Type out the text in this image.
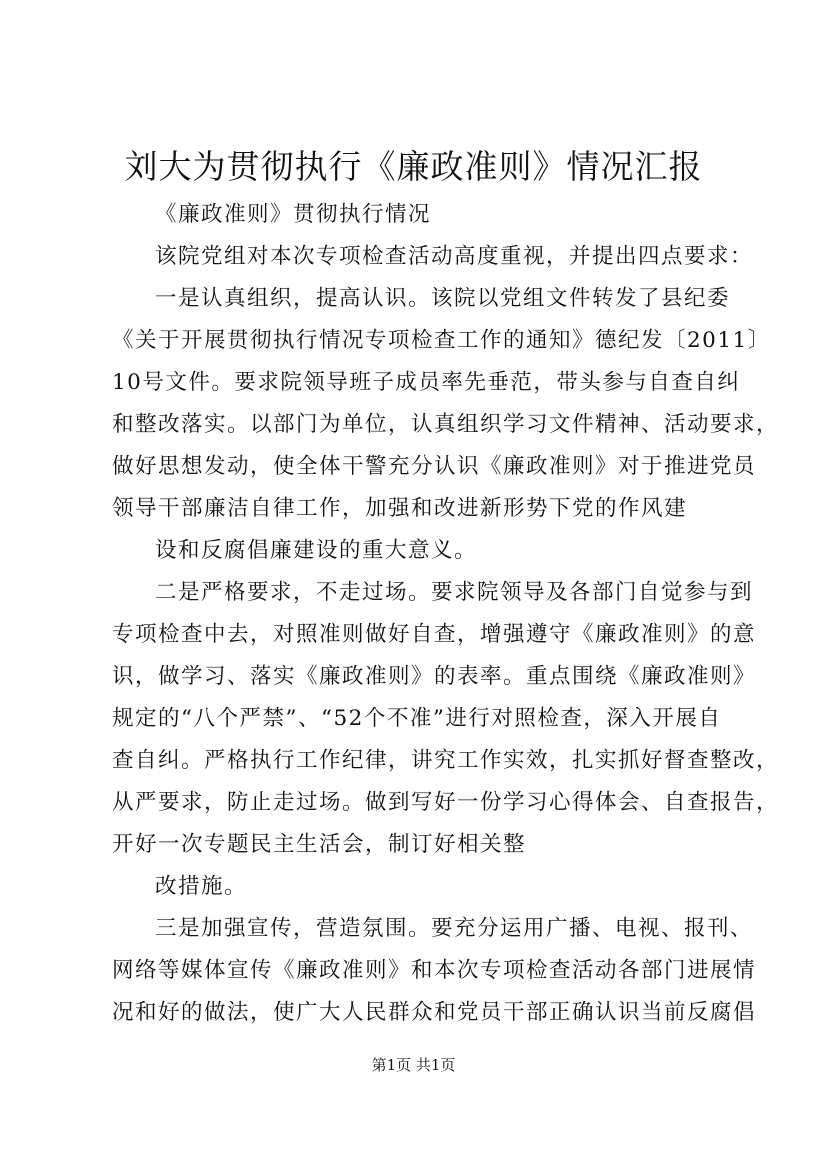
刘大为贯彻执行《廉政准则》情况汇报
《廉政准则》贯彻执行情况
该院党组对本次专项检查活动高度重视，并提出四点要求：
一是认真组织，提高认识。该院以党组文件转发了县纪委
《关于开展贯彻执行情况专项检查工作的通知》德纪发〔2011〕
10号文件。要求院领导班子成员率先垂范，带头参与自查自纠
和整改落实。以部门为单位，认真组织学习文件精神、活动要求，
做好思想发动，使全体干警充分认识《廉政准则》对于推进党员
领导干部廉洁自律工作，加强和改进新形势下党的作风建
设和反腐倡廉建设的重大意义。
二是严格要求，不走过场。要求院领导及各部门自觉参与到
专项检查中去，对照准则做好自查，增强遵守《廉政准则》的意
识，做学习、落实《廉政准则》的表率。重点围绕《廉政准则》
规定的“八个严禁”、“52个不准”进行对照检查，深入开展自
查自纠。严格执行工作纪律，讲究工作实效，扎实抓好督查整改，
从严要求，防止走过场。做到写好一份学习心得体会、自查报告，
开好一次专题民主生活会，制订好相关整
改措施。
三是加强宣传，营造氛围。要充分运用广播、电视、报刊、
网络等媒体宣传《廉政准则》和本次专项检查活动各部门进展情
况和好的做法，使广大人民群众和党员干部正确认识当前反腐倡
第1页 共1页
